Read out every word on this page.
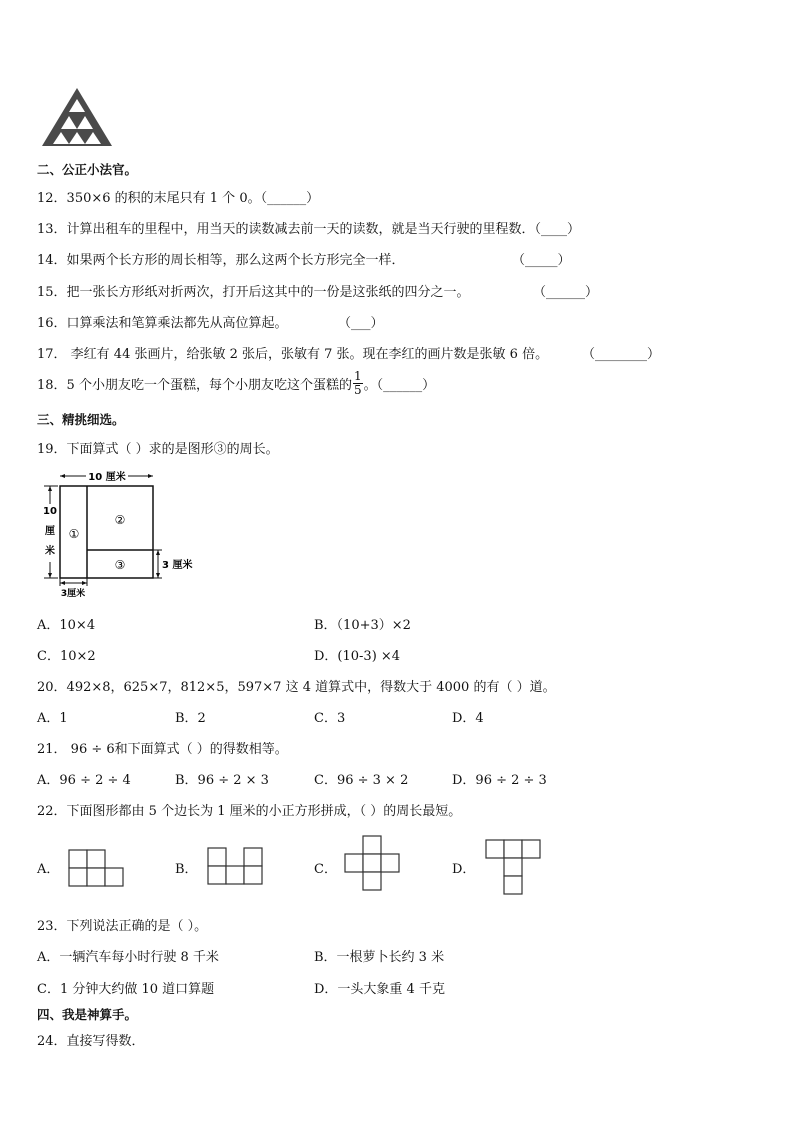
二、公正小法官。
12．350×6 的积的末尾只有 1 个 0。（______）
13．计算出租车的里程中，用当天的读数减去前一天的读数，就是当天行驶的里程数．（____）
14．如果两个长方形的周长相等，那么这两个长方形完全一样．	（_____）
15．把一张长方形纸对折两次，打开后这其中的一份是这张纸的四分之一。	（______）
16．口算乘法和笔算乘法都先从高位算起。	（___）
17． 李红有 44 张画片，给张敏 2 张后，张敏有 7 张。现在李红的画片数是张敏 6 倍。	（________）
18．5 个小朋友吃一个蛋糕，每个小朋友吃这个蛋糕的 $\frac{1}{5}$ 。（______）
三、精挑细选。
19．下面算式（ ）求的是图形③的周长。
10 厘米
10
厘
米
①
②
③	3 厘米
3厘米
A．10×4	B．（10+3）×2
C．10×2	D．(10-3) ×4
20．492×8，625×7，812×5，597×7 这 4 道算式中，得数大于 4000 的有（ ）道。
A．1	B．2	C．3	D．4
21． 96 ÷ 6和下面算式（ ）的得数相等。
A．96 ÷ 2 ÷ 4	B．96 ÷ 2 × 3	C．96 ÷ 3 × 2	D．96 ÷ 2 ÷ 3
22．下面图形都由 5 个边长为 1 厘米的小正方形拼成，（ ）的周长最短。
A．	B．	C．	D．
23．下列说法正确的是（ ）。
A．一辆汽车每小时行驶 8 千米	B．一根萝卜长约 3 米
C．1 分钟大约做 10 道口算题	D．一头大象重 4 千克
四、我是神算手。
24．直接写得数．
